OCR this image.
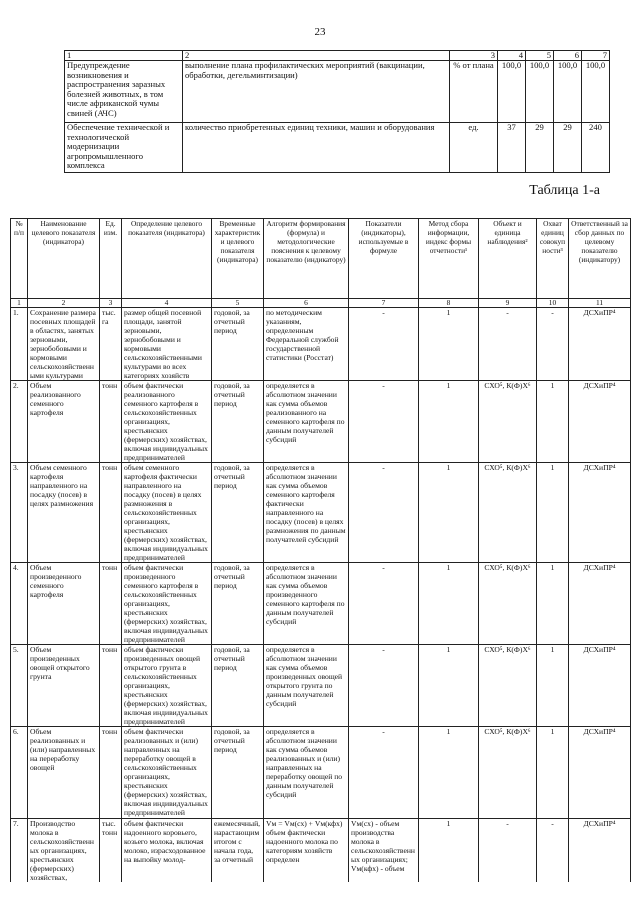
23
1	2	3	4	5	6	7
Предупреждение возникновения и распространения заразных болезней животных, в том числе африканской чумы свиней (АЧС)	выполнение плана профилактических мероприятий (вакцинации, обработки, дегельминтизации)	% от плана	100,0	100,0	100,0	100,0
Обеспечение технической и технологической модернизации агропромышленного комплекса	количество приобретенных единиц техники, машин и оборудования	ед.	37	29	29	240
Таблица 1-а
№ п/п	Наименование целевого показателя (индикатора)	Ед. изм.	Определение целевого показателя (индикатора)	Временные характеристики целевого показателя (индикатора)	Алгоритм формирования (формула) и методологические пояснения к целевому показателю (индикатору)	Показатели (индикаторы), используемые в формуле	Метод сбора информации, индекс формы отчетности¹	Объект и единица наблюдения²	Охват единиц совокупности³	Ответственный за сбор данных по целевому показателю (индикатору)
1	2	3	4	5	6	7	8	9	10	11
1.	Сохранение размера посевных площадей в областях, занятых зерновыми, зернобобовыми и кормовыми сельскохозяйственными культурами	тыс. га	размер общей посевной площади, занятой зерновыми, зернобобовыми и кормовыми сельскохозяйственными культурами во всех категориях хозяйств	годовой, за отчетный период	по методическим указаниям, определенным Федеральной службой государственной статистики (Росстат)	-	1	-	-	ДСХиПР⁴
2.	Объем реализованного семенного картофеля	тонн	объем фактически реализованного семенного картофеля в сельскохозяйственных организациях, крестьянских (фермерских) хозяйствах, включая индивидуальных предпринимателей	годовой, за отчетный период	определяется в абсолютном значении как сумма объемов реализованного на семенного картофеля по данным получателей субсидий	-	1	СХО⁵, К(Ф)Х⁶	1	ДСХиПР⁴
3.	Объем семенного картофеля направленного на посадку (посев) в целях размножения	тонн	объем семенного картофеля фактически направленного на посадку (посев) в целях размножения в сельскохозяйственных организациях, крестьянских (фермерских) хозяйствах, включая индивидуальных предпринимателей	годовой, за отчетный период	определяется в абсолютном значении как сумма объемов семенного картофеля фактически направленного на посадку (посев) в целях размножения по данным получателей субсидий	-	1	СХО⁵, К(Ф)Х⁶	1	ДСХиПР⁴
4.	Объем произведенного семенного картофеля	тонн	объем фактически произведенного семенного картофеля в сельскохозяйственных организациях, крестьянских (фермерских) хозяйствах, включая индивидуальных предпринимателей	годовой, за отчетный период	определяется в абсолютном значении как сумма объемов произведенного семенного картофеля по данным получателей субсидий	-	1	СХО⁵, К(Ф)Х⁶	1	ДСХиПР⁴
5.	Объем произведенных овощей открытого грунта	тонн	объем фактически произведенных овощей открытого грунта в сельскохозяйственных организациях, крестьянских (фермерских) хозяйствах, включая индивидуальных предпринимателей	годовой, за отчетный период	определяется в абсолютном значении как сумма объемов произведенных овощей открытого грунта по данным получателей субсидий	-	1	СХО⁵, К(Ф)Х⁶	1	ДСХиПР⁴
6.	Объем реализованных и (или) направленных на переработку овощей	тонн	объем фактически реализованных и (или) направленных на переработку овощей в сельскохозяйственных организациях, крестьянских (фермерских) хозяйствах, включая индивидуальных предпринимателей	годовой, за отчетный период	определяется в абсолютном значении как сумма объемов реализованных и (или) направленных на переработку овощей по данным получателей субсидий	-	1	СХО⁵, К(Ф)Х⁶	1	ДСХиПР⁴
7.	Производство молока в сельскохозяйственных организациях, крестьянских (фермерских) хозяйствах,	тыс. тонн	объем фактически надоенного коровьего, козьего молока, включая молоко, израсходованное на выпойку молод-	ежемесячный, нарастающим итогом с начала года, за отчетный	Vм = Vм(сх) + Vм(кфх) объем фактически надоенного молока по категориям хозяйств определен	Vм(сх) - объем производства молока в сельскохозяйственных организациях; Vм(кфх) - объем	1	-	-	ДСХиПР⁴
